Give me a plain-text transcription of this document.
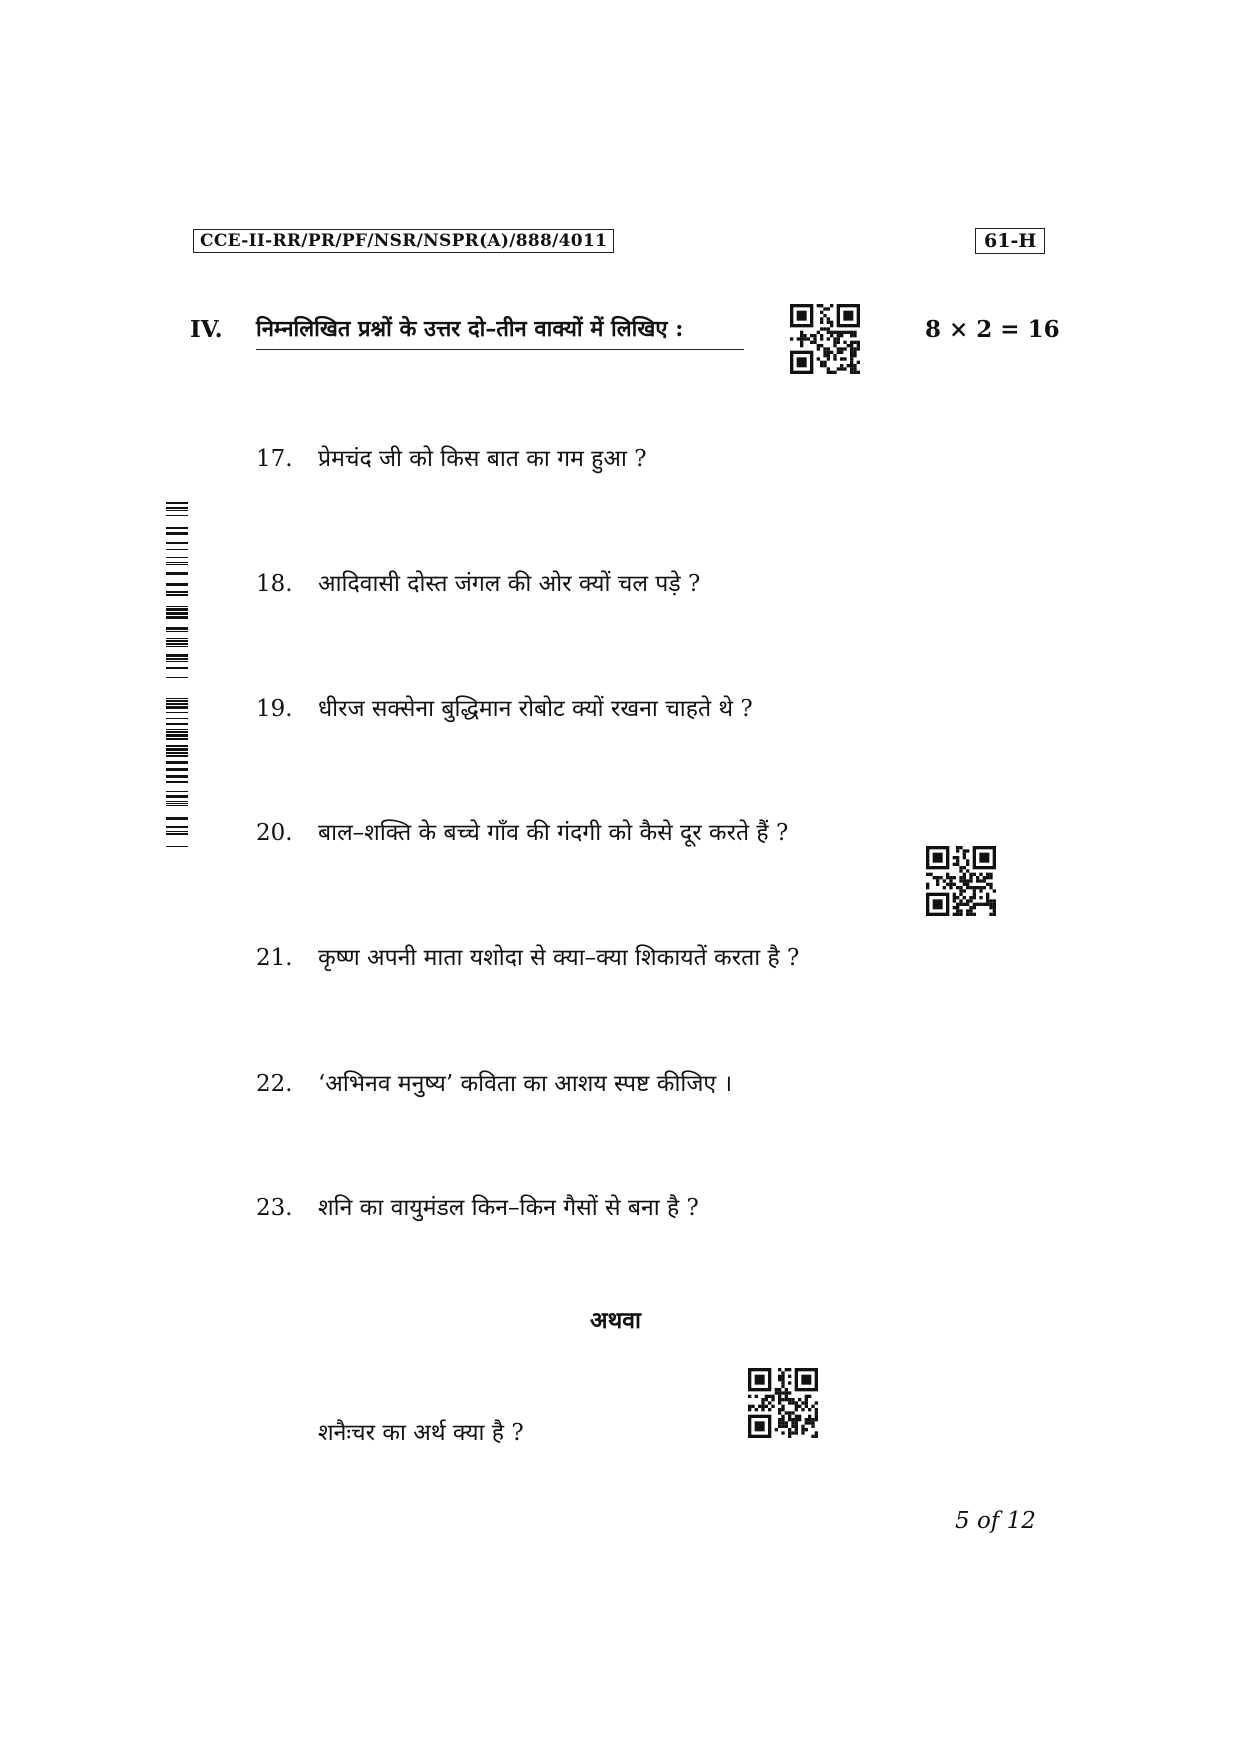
CCE-II-RR/PR/PF/NSR/NSPR(A)/888/4011	61-H
IV. निम्नलिखित प्रश्नों के उत्तर दो–तीन वाक्यों में लिखिए :	8 × 2 = 16
17. प्रेमचंद जी को किस बात का गम हुआ ?
18. आदिवासी दोस्त जंगल की ओर क्यों चल पड़े ?
19. धीरज सक्सेना बुद्धिमान रोबोट क्यों रखना चाहते थे ?
20. बाल–शक्ति के बच्चे गाँव की गंदगी को कैसे दूर करते हैं ?
21. कृष्ण अपनी माता यशोदा से क्या–क्या शिकायतें करता है ?
22. ‘अभिनव मनुष्य’ कविता का आशय स्पष्ट कीजिए ।
23. शनि का वायुमंडल किन–किन गैसों से बना है ?
अथवा
शनैःचर का अर्थ क्या है ?
5 of 12
